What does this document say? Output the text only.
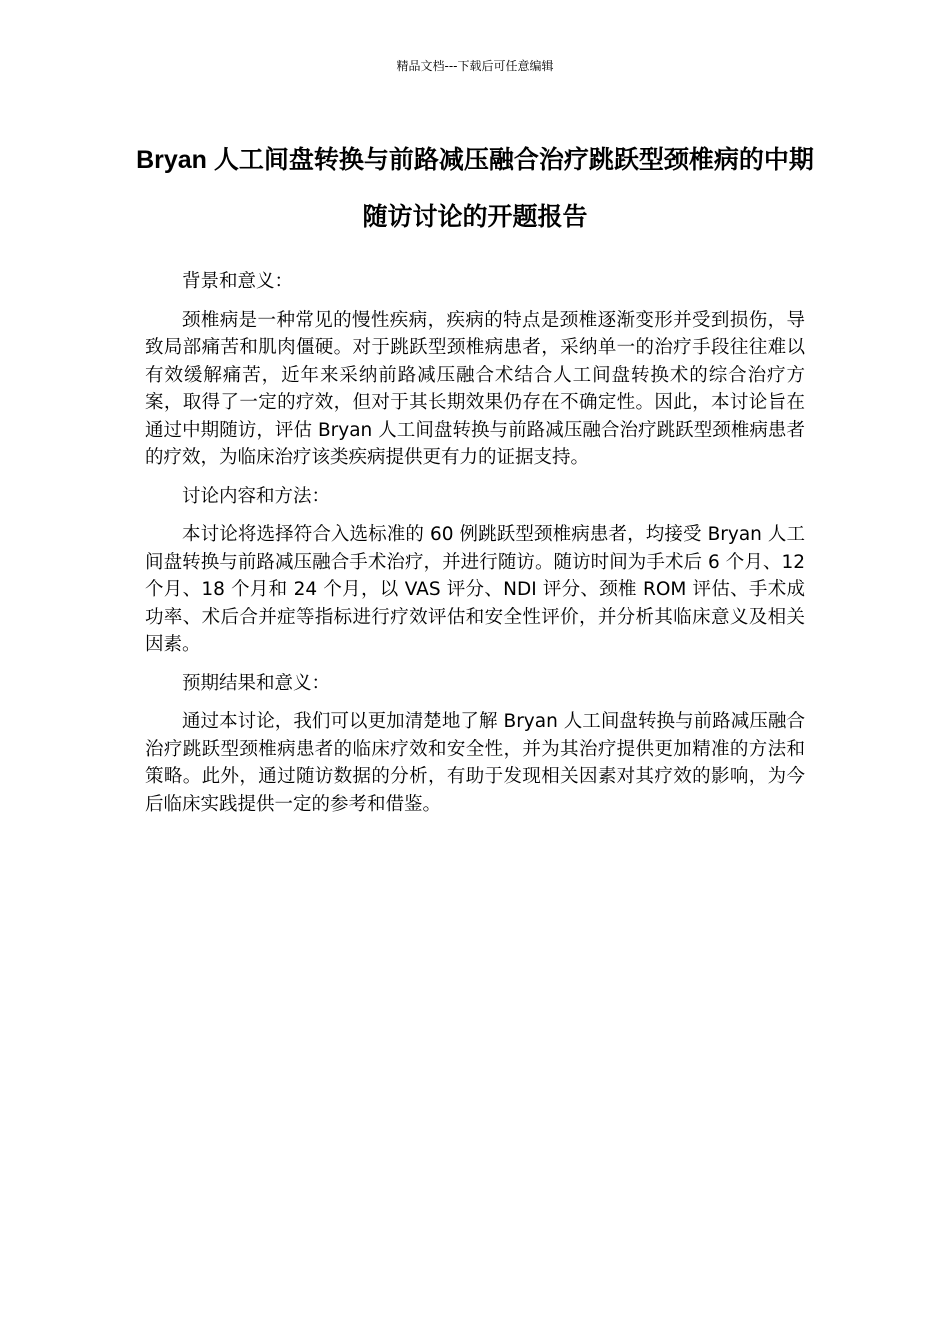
精品文档---下载后可任意编辑
Bryan 人工间盘转换与前路减压融合治疗跳跃型颈椎病的中期随访讨论的开题报告

背景和意义：

颈椎病是一种常见的慢性疾病，疾病的特点是颈椎逐渐变形并受到损伤，导致局部痛苦和肌肉僵硬。对于跳跃型颈椎病患者，采纳单一的治疗手段往往难以有效缓解痛苦，近年来采纳前路减压融合术结合人工间盘转换术的综合治疗方案，取得了一定的疗效，但对于其长期效果仍存在不确定性。因此，本讨论旨在通过中期随访，评估 Bryan 人工间盘转换与前路减压融合治疗跳跃型颈椎病患者的疗效，为临床治疗该类疾病提供更有力的证据支持。

讨论内容和方法：

本讨论将选择符合入选标准的 60 例跳跃型颈椎病患者，均接受 Bryan 人工间盘转换与前路减压融合手术治疗，并进行随访。随访时间为手术后 6 个月、12 个月、18 个月和 24 个月，以 VAS 评分、NDI 评分、颈椎 ROM 评估、手术成功率、术后合并症等指标进行疗效评估和安全性评价，并分析其临床意义及相关因素。

预期结果和意义：

通过本讨论，我们可以更加清楚地了解 Bryan 人工间盘转换与前路减压融合治疗跳跃型颈椎病患者的临床疗效和安全性，并为其治疗提供更加精准的方法和策略。此外，通过随访数据的分析，有助于发现相关因素对其疗效的影响，为今后临床实践提供一定的参考和借鉴。
